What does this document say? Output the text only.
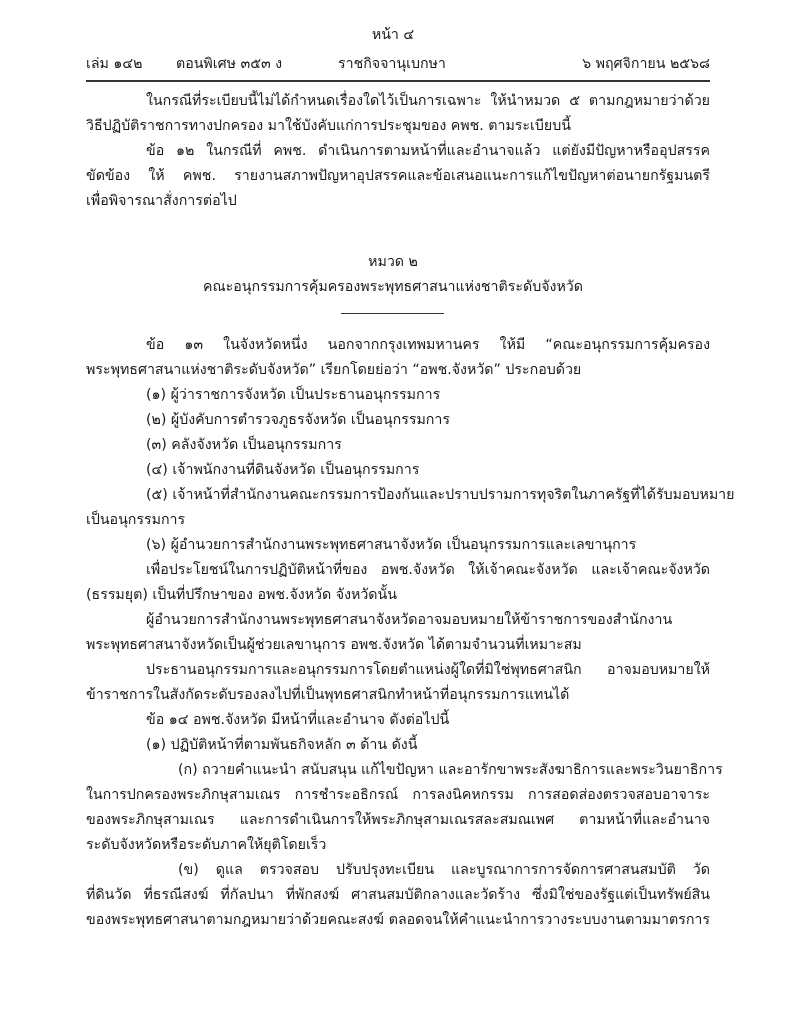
หน้า ๔
เล่ม ๑๔๒ ตอนพิเศษ ๓๕๓ ง	ราชกิจจานุเบกษา	๖ พฤศจิกายน ๒๕๖๘
ในกรณีที่ระเบียบนี้ไม่ได้กำหนดเรื่องใดไว้เป็นการเฉพาะ ให้นำหมวด ๕ ตามกฎหมายว่าด้วย
วิธีปฏิบัติราชการทางปกครอง มาใช้บังคับแก่การประชุมของ คพช. ตามระเบียบนี้
ข้อ ๑๒ ในกรณีที่ คพช. ดำเนินการตามหน้าที่และอำนาจแล้ว แต่ยังมีปัญหาหรืออุปสรรค
ขัดข้อง ให้ คพช. รายงานสภาพปัญหาอุปสรรคและข้อเสนอแนะการแก้ไขปัญหาต่อนายกรัฐมนตรี
เพื่อพิจารณาสั่งการต่อไป
หมวด ๒
คณะอนุกรรมการคุ้มครองพระพุทธศาสนาแห่งชาติระดับจังหวัด
ข้อ ๑๓ ในจังหวัดหนึ่ง นอกจากกรุงเทพมหานคร ให้มี “คณะอนุกรรมการคุ้มครอง
พระพุทธศาสนาแห่งชาติระดับจังหวัด” เรียกโดยย่อว่า “อพช.จังหวัด” ประกอบด้วย
(๑) ผู้ว่าราชการจังหวัด เป็นประธานอนุกรรมการ
(๒) ผู้บังคับการตำรวจภูธรจังหวัด เป็นอนุกรรมการ
(๓) คลังจังหวัด เป็นอนุกรรมการ
(๔) เจ้าพนักงานที่ดินจังหวัด เป็นอนุกรรมการ
(๕) เจ้าหน้าที่สำนักงานคณะกรรมการป้องกันและปราบปรามการทุจริตในภาครัฐที่ได้รับมอบหมาย
เป็นอนุกรรมการ
(๖) ผู้อำนวยการสำนักงานพระพุทธศาสนาจังหวัด เป็นอนุกรรมการและเลขานุการ
เพื่อประโยชน์ในการปฏิบัติหน้าที่ของ อพช.จังหวัด ให้เจ้าคณะจังหวัด และเจ้าคณะจังหวัด
(ธรรมยุต) เป็นที่ปรึกษาของ อพช.จังหวัด จังหวัดนั้น
ผู้อำนวยการสำนักงานพระพุทธศาสนาจังหวัดอาจมอบหมายให้ข้าราชการของสำนักงาน
พระพุทธศาสนาจังหวัดเป็นผู้ช่วยเลขานุการ อพช.จังหวัด ได้ตามจำนวนที่เหมาะสม
ประธานอนุกรรมการและอนุกรรมการโดยตำแหน่งผู้ใดที่มิใช่พุทธศาสนิก อาจมอบหมายให้
ข้าราชการในสังกัดระดับรองลงไปที่เป็นพุทธศาสนิกทำหน้าที่อนุกรรมการแทนได้
ข้อ ๑๔ อพช.จังหวัด มีหน้าที่และอำนาจ ดังต่อไปนี้
(๑) ปฏิบัติหน้าที่ตามพันธกิจหลัก ๓ ด้าน ดังนี้
(ก) ถวายคำแนะนำ สนับสนุน แก้ไขปัญหา และอารักขาพระสังฆาธิการและพระวินยาธิการ
ในการปกครองพระภิกษุสามเณร การชำระอธิกรณ์ การลงนิคหกรรม การสอดส่องตรวจสอบอาจาระ
ของพระภิกษุสามเณร และการดำเนินการให้พระภิกษุสามเณรสละสมณเพศ ตามหน้าที่และอำนาจ
ระดับจังหวัดหรือระดับภาคให้ยุติโดยเร็ว
(ข) ดูแล ตรวจสอบ ปรับปรุงทะเบียน และบูรณาการการจัดการศาสนสมบัติ วัด
ที่ดินวัด ที่ธรณีสงฆ์ ที่กัลปนา ที่พักสงฆ์ ศาสนสมบัติกลางและวัดร้าง ซึ่งมิใช่ของรัฐแต่เป็นทรัพย์สิน
ของพระพุทธศาสนาตามกฎหมายว่าด้วยคณะสงฆ์ ตลอดจนให้คำแนะนำการวางระบบงานตามมาตรการ
